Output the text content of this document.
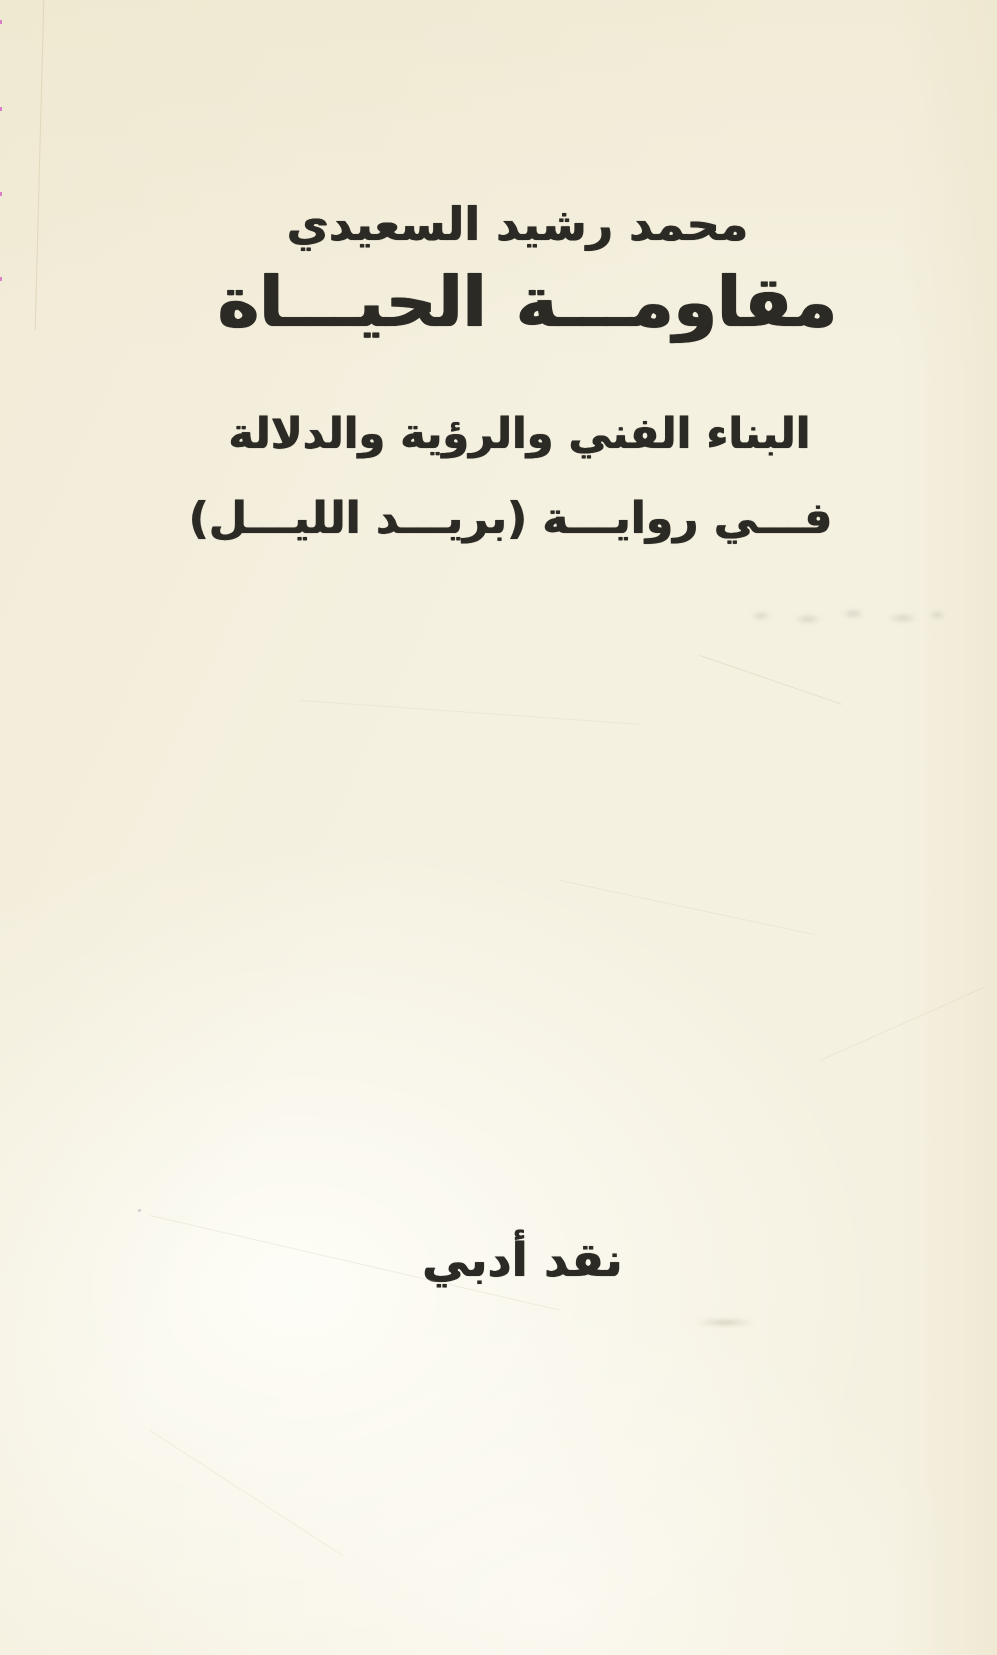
محمد رشيد السعيدي
مقاومـــة الحيـــاة
البناء الفني والرؤية والدلالة
فـــي روايـــة (بريـــد الليـــل)
نقد أدبي
